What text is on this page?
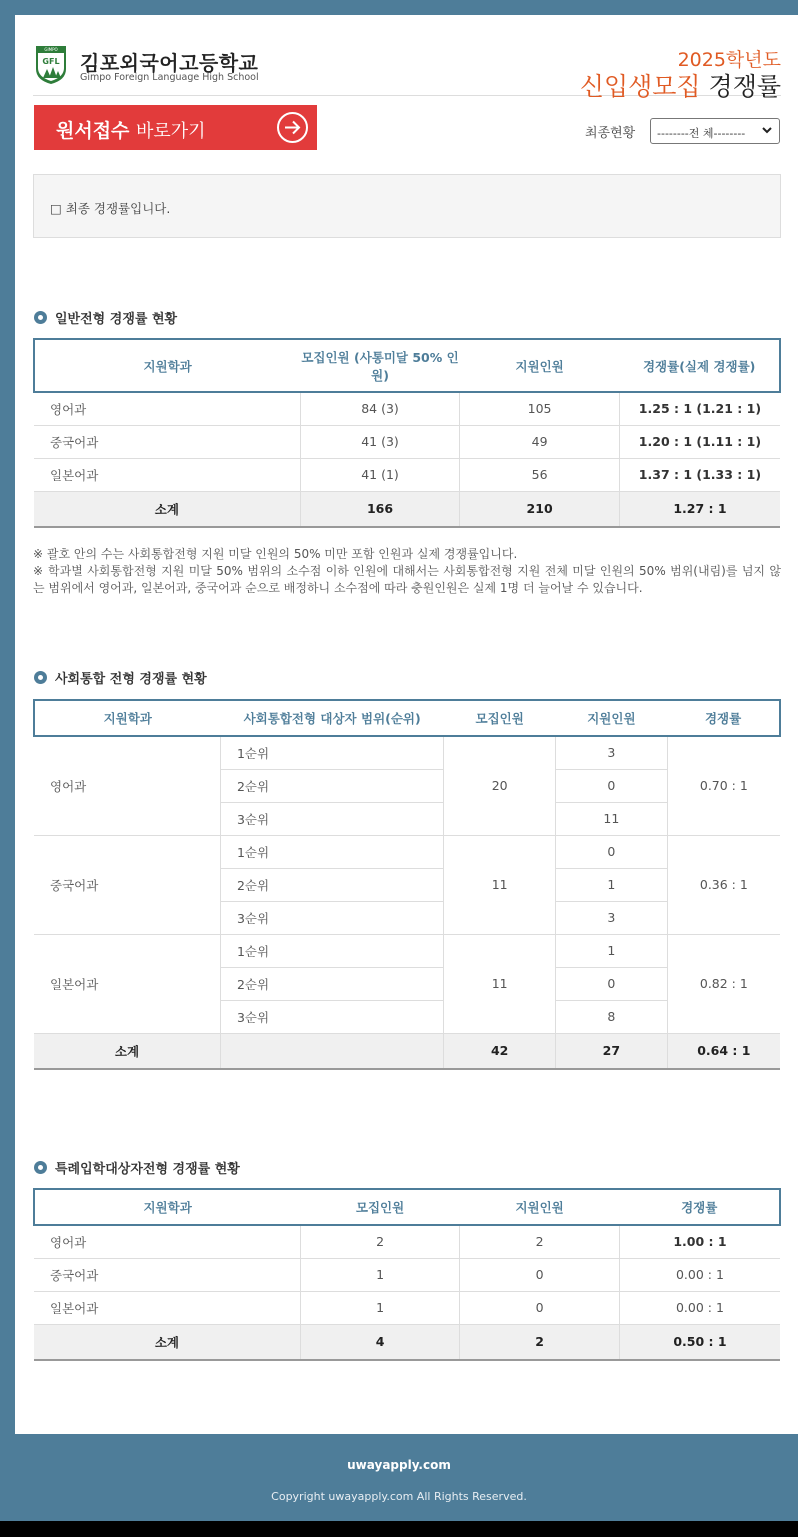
GIMPO
GFL 김포외국어고등학교
Gimpo Foreign Language High School
2025학년도
신입생모집 경쟁률
원서접수 바로가기	최종현황	--------전 체--------
□ 최종 경쟁률입니다.
일반전형 경쟁률 현황
지원학과	모집인원 (사통미달 50% 인원)	지원인원	경쟁률(실제 경쟁률)
영어과	84 (3)	105	1.25 : 1 (1.21 : 1)
중국어과	41 (3)	49	1.20 : 1 (1.11 : 1)
일본어과	41 (1)	56	1.37 : 1 (1.33 : 1)
소계	166	210	1.27 : 1
※ 괄호 안의 수는 사회통합전형 지원 미달 인원의 50% 미만 포함 인원과 실제 경쟁률입니다.
※ 학과별 사회통합전형 지원 미달 50% 범위의 소수점 이하 인원에 대해서는 사회통합전형 지원 전체 미달 인원의 50% 범위(내림)를 넘지 않는 범위에서 영어과, 일본어과, 중국어과 순으로 배정하니 소수점에 따라 충원인원은 실제 1명 더 늘어날 수 있습니다.
사회통합 전형 경쟁률 현황
지원학과	사회통합전형 대상자 범위(순위)	모집인원	지원인원	경쟁률
영어과	1순위	20	3	0.70 : 1
	2순위		0	
	3순위		11	
중국어과	1순위	11	0	0.36 : 1
	2순위		1	
	3순위		3	
일본어과	1순위	11	1	0.82 : 1
	2순위		0	
	3순위		8	
소계		42	27	0.64 : 1
특례입학대상자전형 경쟁률 현황
지원학과	모집인원	지원인원	경쟁률
영어과	2	2	1.00 : 1
중국어과	1	0	0.00 : 1
일본어과	1	0	0.00 : 1
소계	4	2	0.50 : 1
uwayapply.com
Copyright uwayapply.com All Rights Reserved.
